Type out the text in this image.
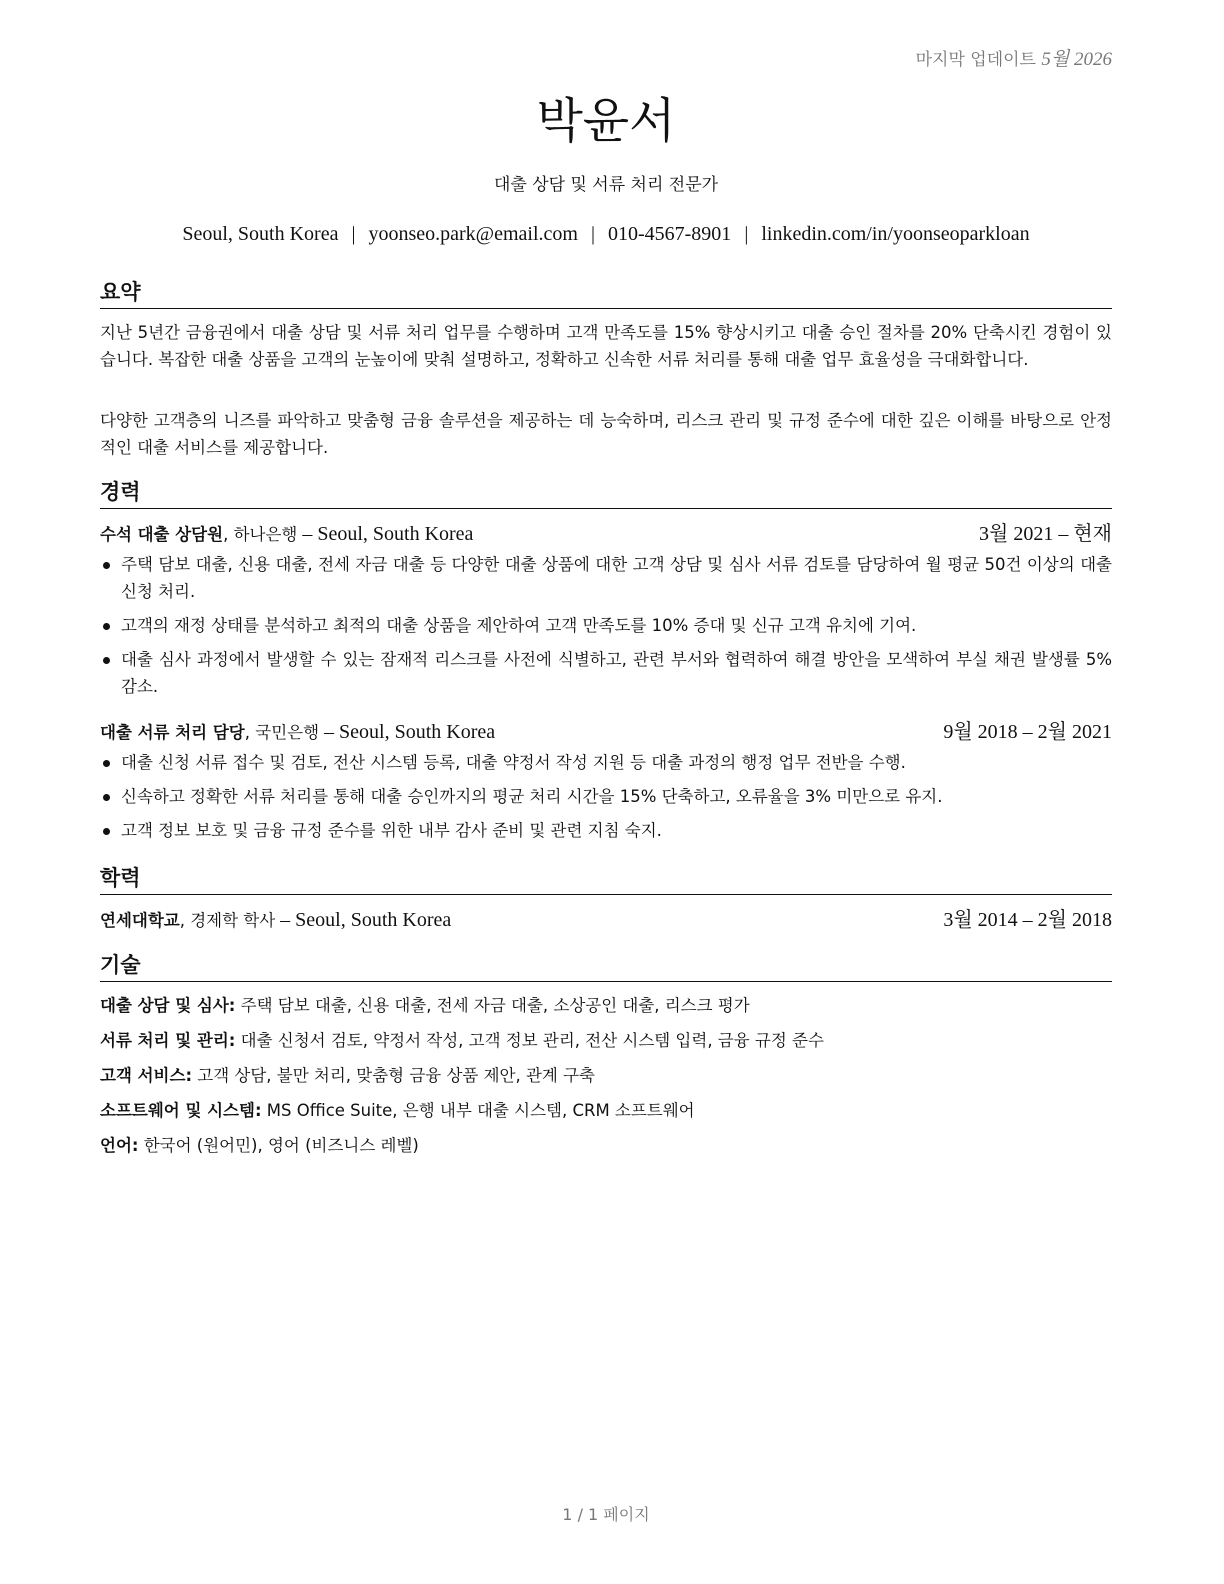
마지막 업데이트 5월 2026
박윤서
대출 상담 및 서류 처리 전문가
Seoul, South Korea | yoonseo.park@email.com | 010-4567-8901 | linkedin.com/in/yoonseoparkloan
요약

지난 5년간 금융권에서 대출 상담 및 서류 처리 업무를 수행하며 고객 만족도를 15% 향상시키고 대출 승인 절차를 20% 단축시킨 경험이 있습니다. 복잡한 대출 상품을 고객의 눈높이에 맞춰 설명하고, 정확하고 신속한 서류 처리를 통해 대출 업무 효율성을 극대화합니다.

다양한 고객층의 니즈를 파악하고 맞춤형 금융 솔루션을 제공하는 데 능숙하며, 리스크 관리 및 규정 준수에 대한 깊은 이해를 바탕으로 안정적인 대출 서비스를 제공합니다.

경력
수석 대출 상담원, 하나은행 – Seoul, South Korea	3월 2021 – 현재
주택 담보 대출, 신용 대출, 전세 자금 대출 등 다양한 대출 상품에 대한 고객 상담 및 심사 서류 검토를 담당하여 월 평균 50건 이상의 대출 신청 처리.
고객의 재정 상태를 분석하고 최적의 대출 상품을 제안하여 고객 만족도를 10% 증대 및 신규 고객 유치에 기여.
대출 심사 과정에서 발생할 수 있는 잠재적 리스크를 사전에 식별하고, 관련 부서와 협력하여 해결 방안을 모색하여 부실 채권 발생률 5% 감소.
대출 서류 처리 담당, 국민은행 – Seoul, South Korea	9월 2018 – 2월 2021
대출 신청 서류 접수 및 검토, 전산 시스템 등록, 대출 약정서 작성 지원 등 대출 과정의 행정 업무 전반을 수행.
신속하고 정확한 서류 처리를 통해 대출 승인까지의 평균 처리 시간을 15% 단축하고, 오류율을 3% 미만으로 유지.
고객 정보 보호 및 금융 규정 준수를 위한 내부 감사 준비 및 관련 지침 숙지.
학력
연세대학교, 경제학 학사 – Seoul, South Korea	3월 2014 – 2월 2018
기술
대출 상담 및 심사: 주택 담보 대출, 신용 대출, 전세 자금 대출, 소상공인 대출, 리스크 평가
서류 처리 및 관리: 대출 신청서 검토, 약정서 작성, 고객 정보 관리, 전산 시스템 입력, 금융 규정 준수
고객 서비스: 고객 상담, 불만 처리, 맞춤형 금융 상품 제안, 관계 구축
소프트웨어 및 시스템: MS Office Suite, 은행 내부 대출 시스템, CRM 소프트웨어
언어: 한국어 (원어민), 영어 (비즈니스 레벨)
1 / 1 페이지
